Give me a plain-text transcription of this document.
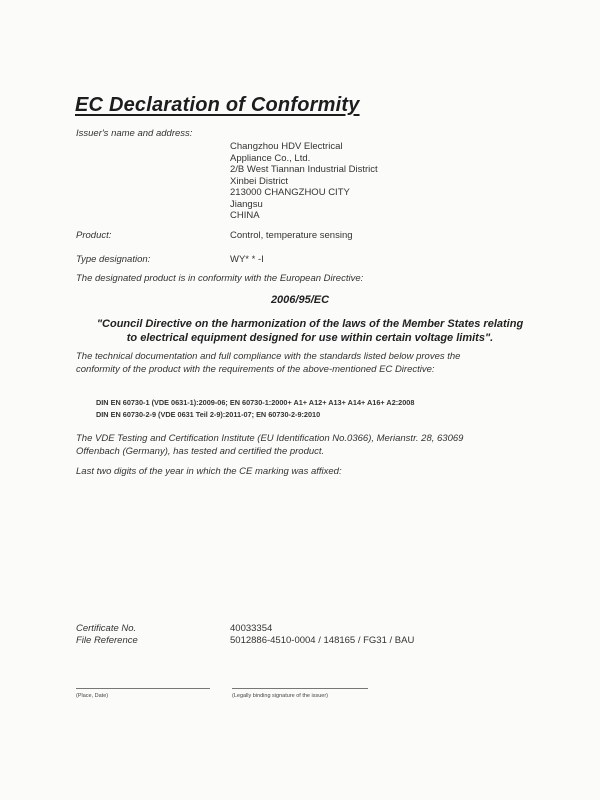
EC Declaration of Conformity
Issuer's name and address:
Changzhou HDV Electrical
Appliance Co., Ltd.
2/B West Tiannan Industrial District
Xinbei District
213000 CHANGZHOU CITY
Jiangsu
CHINA
Product:	Control, temperature sensing
Type designation:	WY* * -I
The designated product is in conformity with the European Directive:
2006/95/EC
"Council Directive on the harmonization of the laws of the Member States relating
to electrical equipment designed for use within certain voltage limits".
The technical documentation and full compliance with the standards listed below proves the
conformity of the product with the requirements of the above-mentioned EC Directive:
DIN EN 60730-1 (VDE 0631-1):2009-06; EN 60730-1:2000+ A1+ A12+ A13+ A14+ A16+ A2:2008
DIN EN 60730-2-9 (VDE 0631 Teil 2-9):2011-07; EN 60730-2-9:2010
The VDE Testing and Certification Institute (EU Identification No.0366), Merianstr. 28, 63069
Offenbach (Germany), has tested and certified the product.
Last two digits of the year in which the CE marking was affixed:
Certificate No.	40033354
File Reference	5012886-4510-0004 / 148165 / FG31 / BAU
(Place, Date)	(Legally binding signature of the issuer)
